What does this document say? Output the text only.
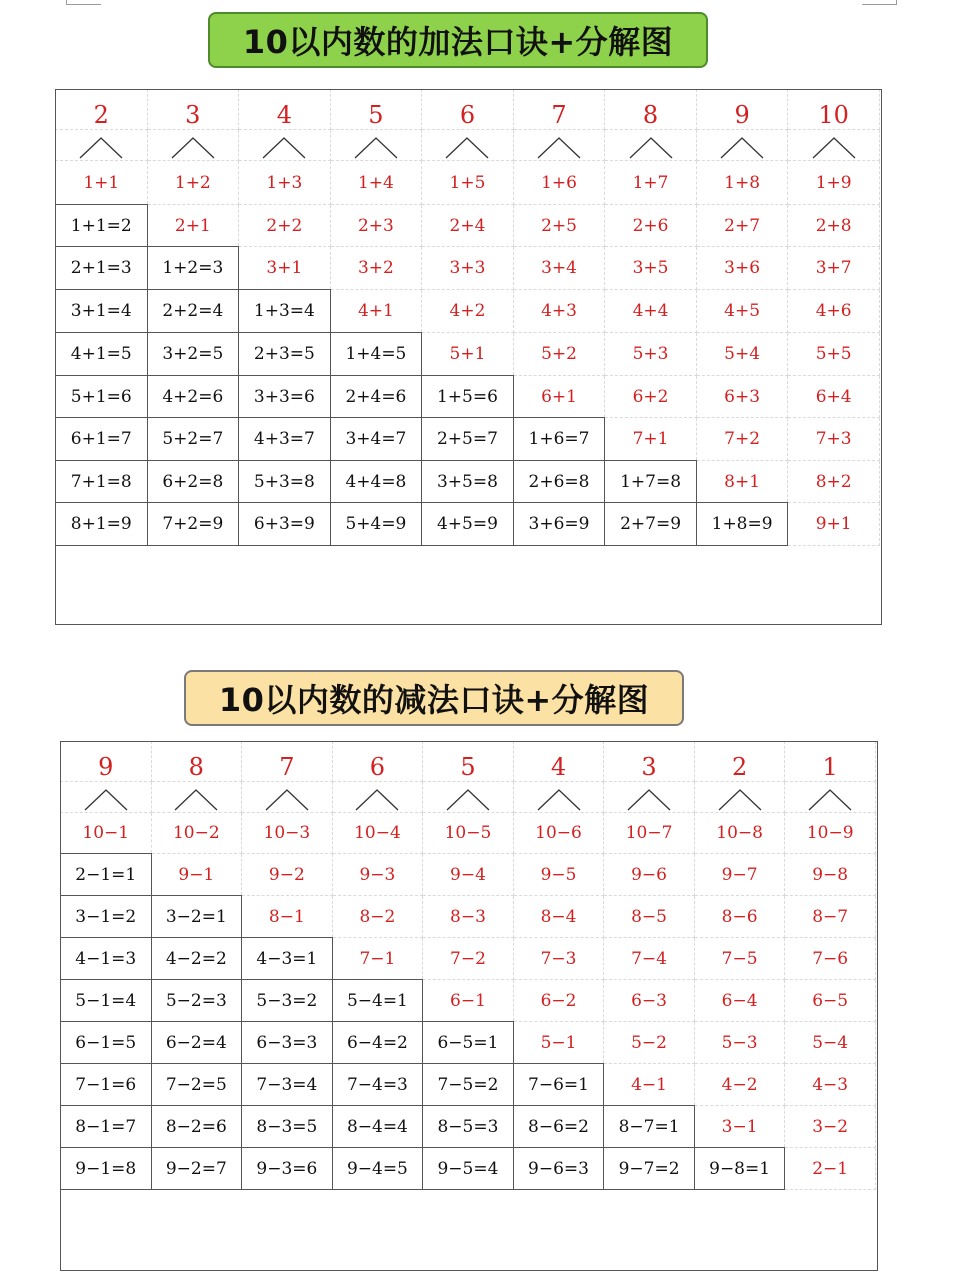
10以内数的加法口诀+分解图
2	3	4	5	6	7	8	9	10

1+1	1+2	1+3	1+4	1+5	1+6	1+7	1+8	1+9
1+1=2	2+1	2+2	2+3	2+4	2+5	2+6	2+7	2+8
2+1=3	1+2=3	3+1	3+2	3+3	3+4	3+5	3+6	3+7
3+1=4	2+2=4	1+3=4	4+1	4+2	4+3	4+4	4+5	4+6
4+1=5	3+2=5	2+3=5	1+4=5	5+1	5+2	5+3	5+4	5+5
5+1=6	4+2=6	3+3=6	2+4=6	1+5=6	6+1	6+2	6+3	6+4
6+1=7	5+2=7	4+3=7	3+4=7	2+5=7	1+6=7	7+1	7+2	7+3
7+1=8	6+2=8	5+3=8	4+4=8	3+5=8	2+6=8	1+7=8	8+1	8+2
8+1=9	7+2=9	6+3=9	5+4=9	4+5=9	3+6=9	2+7=9	1+8=9	9+1
10以内数的减法口诀+分解图
9	8	7	6	5	4	3	2	1

10−1	10−2	10−3	10−4	10−5	10−6	10−7	10−8	10−9
2−1=1	9−1	9−2	9−3	9−4	9−5	9−6	9−7	9−8
3−1=2	3−2=1	8−1	8−2	8−3	8−4	8−5	8−6	8−7
4−1=3	4−2=2	4−3=1	7−1	7−2	7−3	7−4	7−5	7−6
5−1=4	5−2=3	5−3=2	5−4=1	6−1	6−2	6−3	6−4	6−5
6−1=5	6−2=4	6−3=3	6−4=2	6−5=1	5−1	5−2	5−3	5−4
7−1=6	7−2=5	7−3=4	7−4=3	7−5=2	7−6=1	4−1	4−2	4−3
8−1=7	8−2=6	8−3=5	8−4=4	8−5=3	8−6=2	8−7=1	3−1	3−2
9−1=8	9−2=7	9−3=6	9−4=5	9−5=4	9−6=3	9−7=2	9−8=1	2−1
